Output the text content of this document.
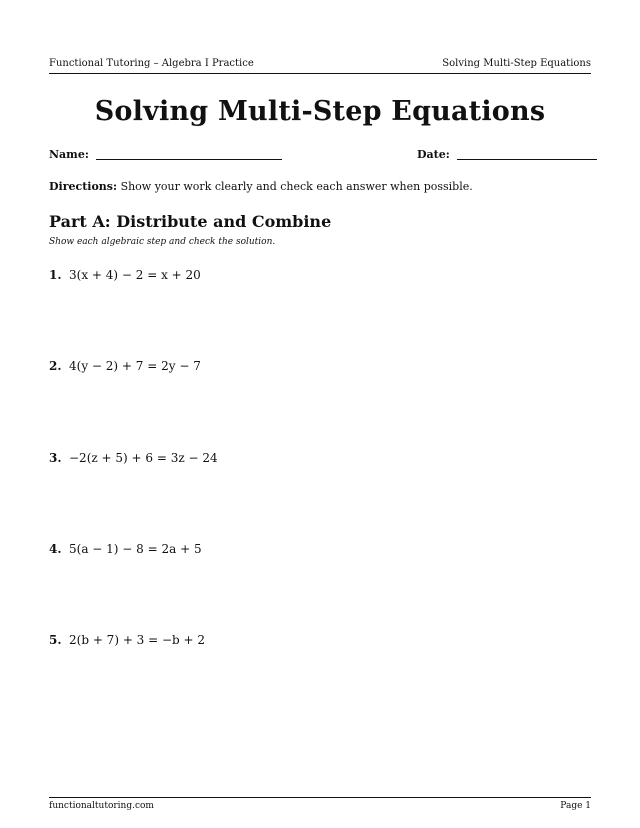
Functional Tutoring – Algebra I Practice	Solving Multi-Step Equations
Solving Multi-Step Equations
Name:	Date:
Directions: Show your work clearly and check each answer when possible.
Part A: Distribute and Combine
Show each algebraic step and check the solution.
1. 3(x + 4) − 2 = x + 20
2. 4(y − 2) + 7 = 2y − 7
3. −2(z + 5) + 6 = 3z − 24
4. 5(a − 1) − 8 = 2a + 5
5. 2(b + 7) + 3 = −b + 2
functionaltutoring.com	Page 1
